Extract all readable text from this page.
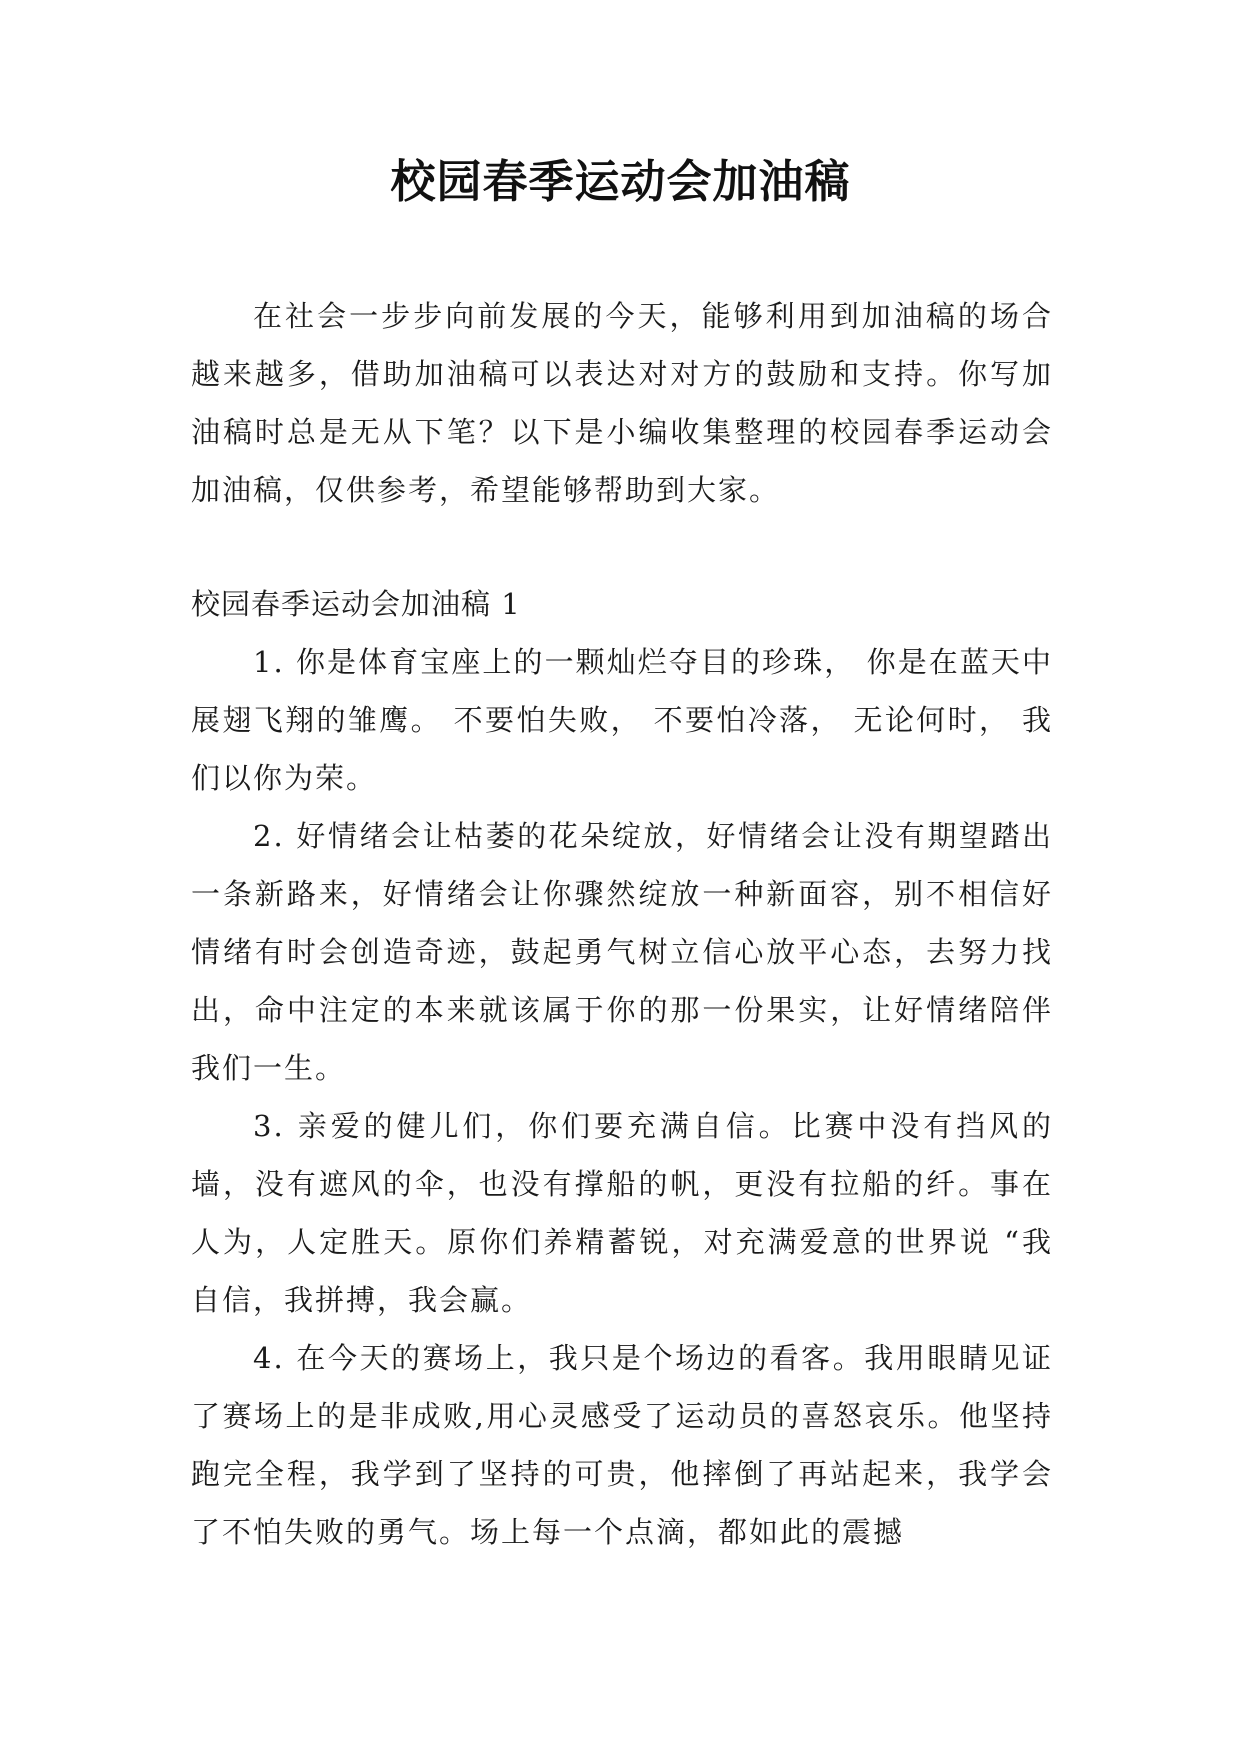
校园春季运动会加油稿

在社会一步步向前发展的今天，能够利用到加油稿的场合越来越多，借助加油稿可以表达对对方的鼓励和支持。你写加油稿时总是无从下笔？以下是小编收集整理的校园春季运动会加油稿，仅供参考，希望能够帮助到大家。

校园春季运动会加油稿 1

1. 你是体育宝座上的一颗灿烂夺目的珍珠， 你是在蓝天中展翅飞翔的雏鹰。 不要怕失败， 不要怕冷落， 无论何时， 我们以你为荣。

2. 好情绪会让枯萎的花朵绽放，好情绪会让没有期望踏出一条新路来，好情绪会让你骤然绽放一种新面容，别不相信好情绪有时会创造奇迹，鼓起勇气树立信心放平心态，去努力找出，命中注定的本来就该属于你的那一份果实，让好情绪陪伴我们一生。

3. 亲爱的健儿们，你们要充满自信。比赛中没有挡风的墙，没有遮风的伞，也没有撑船的帆，更没有拉船的纤。事在人为，人定胜天。原你们养精蓄锐，对充满爱意的世界说 “我自信，我拼搏，我会赢。

4. 在今天的赛场上，我只是个场边的看客。我用眼睛见证了赛场上的是非成败,用心灵感受了运动员的喜怒哀乐。他坚持跑完全程，我学到了坚持的可贵，他摔倒了再站起来，我学会了不怕失败的勇气。场上每一个点滴，都如此的震撼
